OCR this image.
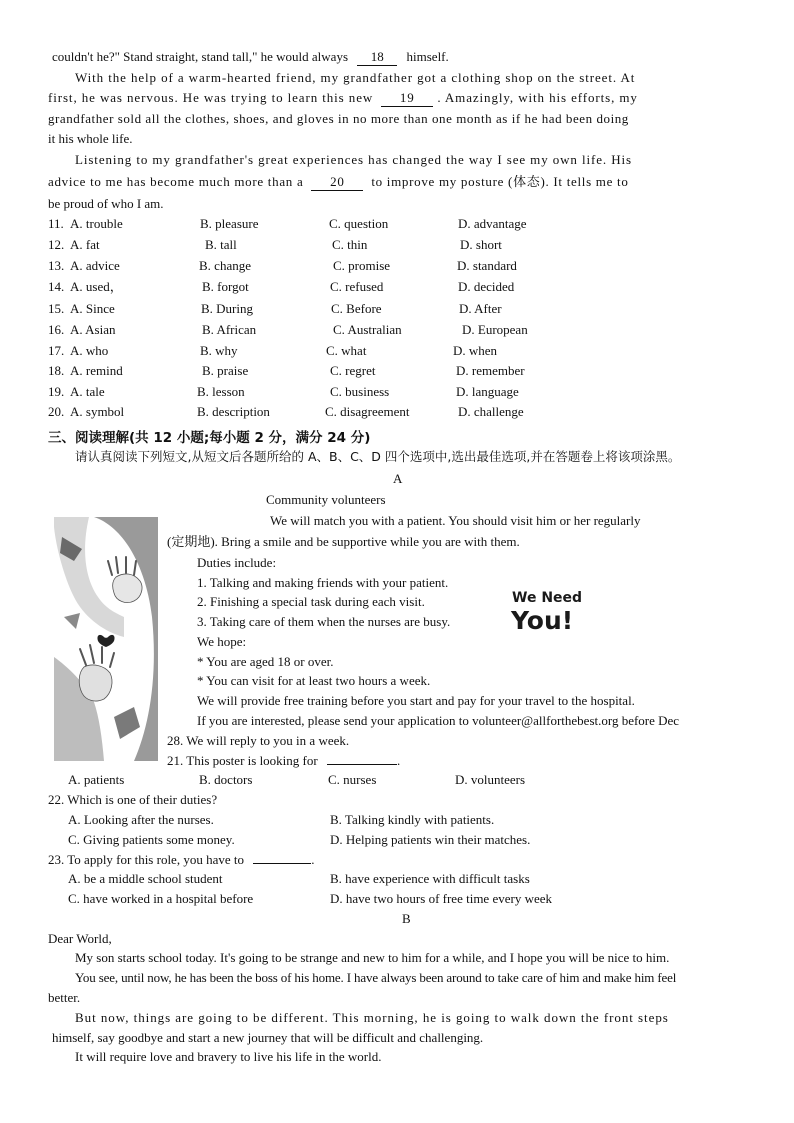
couldn't he?" Stand straight, stand tall," he would always 18 himself.
With the help of a warm-hearted friend, my grandfather got a clothing shop on the street. At
first, he was nervous. He was trying to learn this new 19 . Amazingly, with his efforts, my
grandfather sold all the clothes, shoes, and gloves in no more than one month as if he had been doing
it his whole life.
Listening to my grandfather's great experiences has changed the way I see my own life. His
advice to me has become much more than a 20 to improve my posture (体态). It tells me to
be proud of who I am.
11. A. trouble	B. pleasure	C. question	D. advantage
12. A. fat	B. tall	C. thin	D. short
13. A. advice	B. change	C. promise	D. standard
14. A. used，	B. forgot	C. refused	D. decided
15. A. Since	B. During	C. Before	D. After
16. A. Asian	B. African	C. Australian	D. European
17. A. who	B. why	C. what	D. when
18. A. remind	B. praise	C. regret	D. remember
19. A. tale	B. lesson	C. business	D. language
20. A. symbol	B. description	C. disagreement	D. challenge
三、阅读理解(共 12 小题;每小题 2 分，满分 24 分)
请认真阅读下列短文,从短文后各题所给的 A、B、C、D 四个选项中,选出最佳选项,并在答题卷上将该项涂黑。
A
Community volunteers
We will match you with a patient. You should visit him or her regularly
(定期地). Bring a smile and be supportive while you are with them.
Duties include:
1. Talking and making friends with your patient.
2. Finishing a special task during each visit.
3. Taking care of them when the nurses are busy.
We hope:
* You are aged 18 or over.
* You can visit for at least two hours a week.
We will provide free training before you start and pay for your travel to the hospital.
If you are interested, please send your application to volunteer@allforthebest.org before Dec
28. We will reply to you in a week.
We Need
You!
21. This poster is looking for	.
A. patients	B. doctors	C. nurses	D. volunteers
22. Which is one of their duties?
A. Looking after the nurses.	B. Talking kindly with patients.
C. Giving patients some money.	D. Helping patients win their matches.
23. To apply for this role, you have to	.
A. be a middle school student	B. have experience with difficult tasks
C. have worked in a hospital before	D. have two hours of free time every week
B
Dear World,
My son starts school today. It's going to be strange and new to him for a while, and I hope you will be nice to him.
You see, until now, he has been the boss of his home. I have always been around to take care of him and make him feel
better.
But now, things are going to be different. This morning, he is going to walk down the front steps
himself, say goodbye and start a new journey that will be difficult and challenging.
It will require love and bravery to live his life in the world.
